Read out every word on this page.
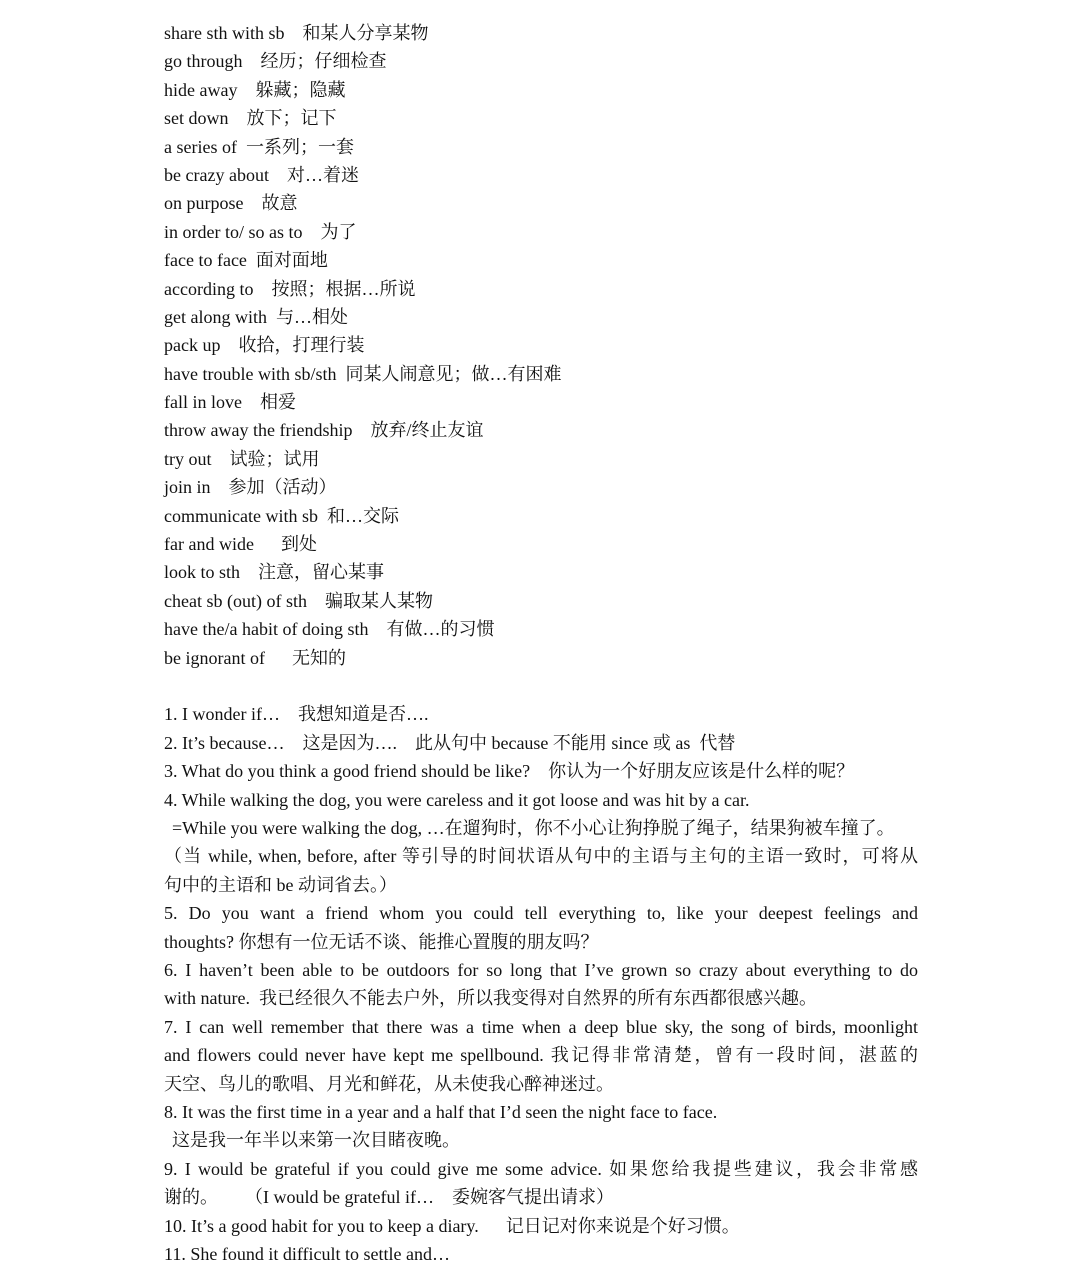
share sth with sb    和某人分享某物
go through    经历；仔细检查
hide away    躲藏；隐藏
set down    放下；记下
a series of  一系列；一套
be crazy about    对…着迷
on purpose    故意
in order to/ so as to    为了
face to face  面对面地
according to    按照；根据…所说
get along with  与…相处
pack up    收拾，打理行装
have trouble with sb/sth  同某人闹意见；做…有困难
fall in love    相爱
throw away the friendship    放弃/终止友谊
try out    试验；试用
join in    参加（活动）
communicate with sb  和…交际
far and wide      到处
look to sth    注意，留心某事
cheat sb (out) of sth    骗取某人某物
have the/a habit of doing sth    有做…的习惯
be ignorant of      无知的
1. I wonder if…    我想知道是否….
2. It’s because…    这是因为….    此从句中 because 不能用 since 或 as  代替
3. What do you think a good friend should be like?    你认为一个好朋友应该是什么样的呢？
4. While walking the dog, you were careless and it got loose and was hit by a car.
=While you were walking the dog, …在遛狗时，你不小心让狗挣脱了绳子，结果狗被车撞了。
（当 while, when, before, after 等引导的时间状语从句中的主语与主句的主语一致时，可将从
句中的主语和 be 动词省去。）
5. Do you want a friend whom you could tell everything to, like your deepest feelings and
thoughts? 你想有一位无话不谈、能推心置腹的朋友吗？
6. I haven’t been able to be outdoors for so long that I’ve grown so crazy about everything to do
with nature.  我已经很久不能去户外，所以我变得对自然界的所有东西都很感兴趣。
7. I can well remember that there was a time when a deep blue sky, the song of birds, moonlight
and flowers could never have kept me spellbound. 我记得非常清楚，曾有一段时间，湛蓝的
天空、鸟儿的歌唱、月光和鲜花，从未使我心醉神迷过。
8. It was the first time in a year and a half that I’d seen the night face to face.
这是我一年半以来第一次目睹夜晚。
9. I would be grateful if you could give me some advice. 如果您给我提些建议，我会非常感
谢的。      （I would be grateful if…    委婉客气提出请求）
10. It’s a good habit for you to keep a diary.      记日记对你来说是个好习惯。
11. She found it difficult to settle and…
